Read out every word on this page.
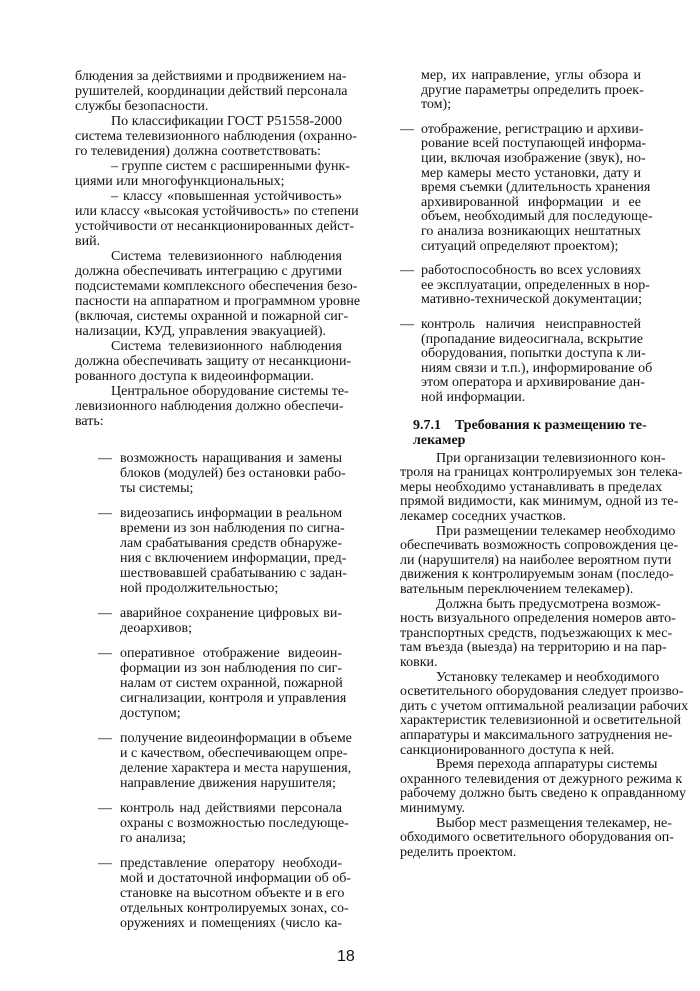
блюдения за действиями и продвижением на-
рушителей, координации действий персонала
службы безопасности.
По классификации ГОСТ Р51558-2000
система телевизионного наблюдения (охранно-
го телевидения) должна соответствовать:
– группе систем с расширенными функ-
циями или многофункциональных;
– классу «повышенная устойчивость»
или классу «высокая устойчивость» по степени
устойчивости от несанкционированных дейст-
вий.
Система телевизионного наблюдения
должна обеспечивать интеграцию с другими
подсистемами комплексного обеспечения безо-
пасности на аппаратном и программном уровне
(включая, системы охранной и пожарной сиг-
нализации, КУД, управления эвакуацией).
Система телевизионного наблюдения
должна обеспечивать защиту от несанкциони-
рованного доступа к видеоинформации.
Центральное оборудование системы те-
левизионного наблюдения должно обеспечи-
вать:
— возможность наращивания и замены
блоков (модулей) без остановки рабо-
ты системы;
— видеозапись информации в реальном
времени из зон наблюдения по сигна-
лам срабатывания средств обнаруже-
ния с включением информации, пред-
шествовавшей срабатыванию с задан-
ной продолжительностью;
— аварийное сохранение цифровых ви-
деоархивов;
— оперативное отображение видеоин-
формации из зон наблюдения по сиг-
налам от систем охранной, пожарной
сигнализации, контроля и управления
доступом;
— получение видеоинформации в объеме
и с качеством, обеспечивающем опре-
деление характера и места нарушения,
направление движения нарушителя;
— контроль над действиями персонала
охраны с возможностью последующе-
го анализа;
— представление оператору необходи-
мой и достаточной информации об об-
становке на высотном объекте и в его
отдельных контролируемых зонах, со-
оружениях и помещениях (число ка-
мер, их направление, углы обзора и
другие параметры определить проек-
том);
— отображение, регистрацию и архиви-
рование всей поступающей информа-
ции, включая изображение (звук), но-
мер камеры место установки, дату и
время съемки (длительность хранения
архивированной информации и ее
объем, необходимый для последующе-
го анализа возникающих нештатных
ситуаций определяют проектом);
— работоспособность во всех условиях
ее эксплуатации, определенных в нор-
мативно-технической документации;
— контроль наличия неисправностей
(пропадание видеосигнала, вскрытие
оборудования, попытки доступа к ли-
ниям связи и т.п.), информирование об
этом оператора и архивирование дан-
ной информации.
9.7.1 Требования к размещению те-
лекамер
При организации телевизионного кон-
троля на границах контролируемых зон телека-
меры необходимо устанавливать в пределах
прямой видимости, как минимум, одной из те-
лекамер соседних участков.
При размещении телекамер необходимо
обеспечивать возможность сопровождения це-
ли (нарушителя) на наиболее вероятном пути
движения к контролируемым зонам (последо-
вательным переключением телекамер).
Должна быть предусмотрена возмож-
ность визуального определения номеров авто-
транспортных средств, подъезжающих к мес-
там въезда (выезда) на территорию и на пар-
ковки.
Установку телекамер и необходимого
осветительного оборудования следует произво-
дить с учетом оптимальной реализации рабочих
характеристик телевизионной и осветительной
аппаратуры и максимального затруднения не-
санкционированного доступа к ней.
Время перехода аппаратуры системы
охранного телевидения от дежурного режима к
рабочему должно быть сведено к оправданному
минимуму.
Выбор мест размещения телекамер, не-
обходимого осветительного оборудования оп-
ределить проектом.
18
